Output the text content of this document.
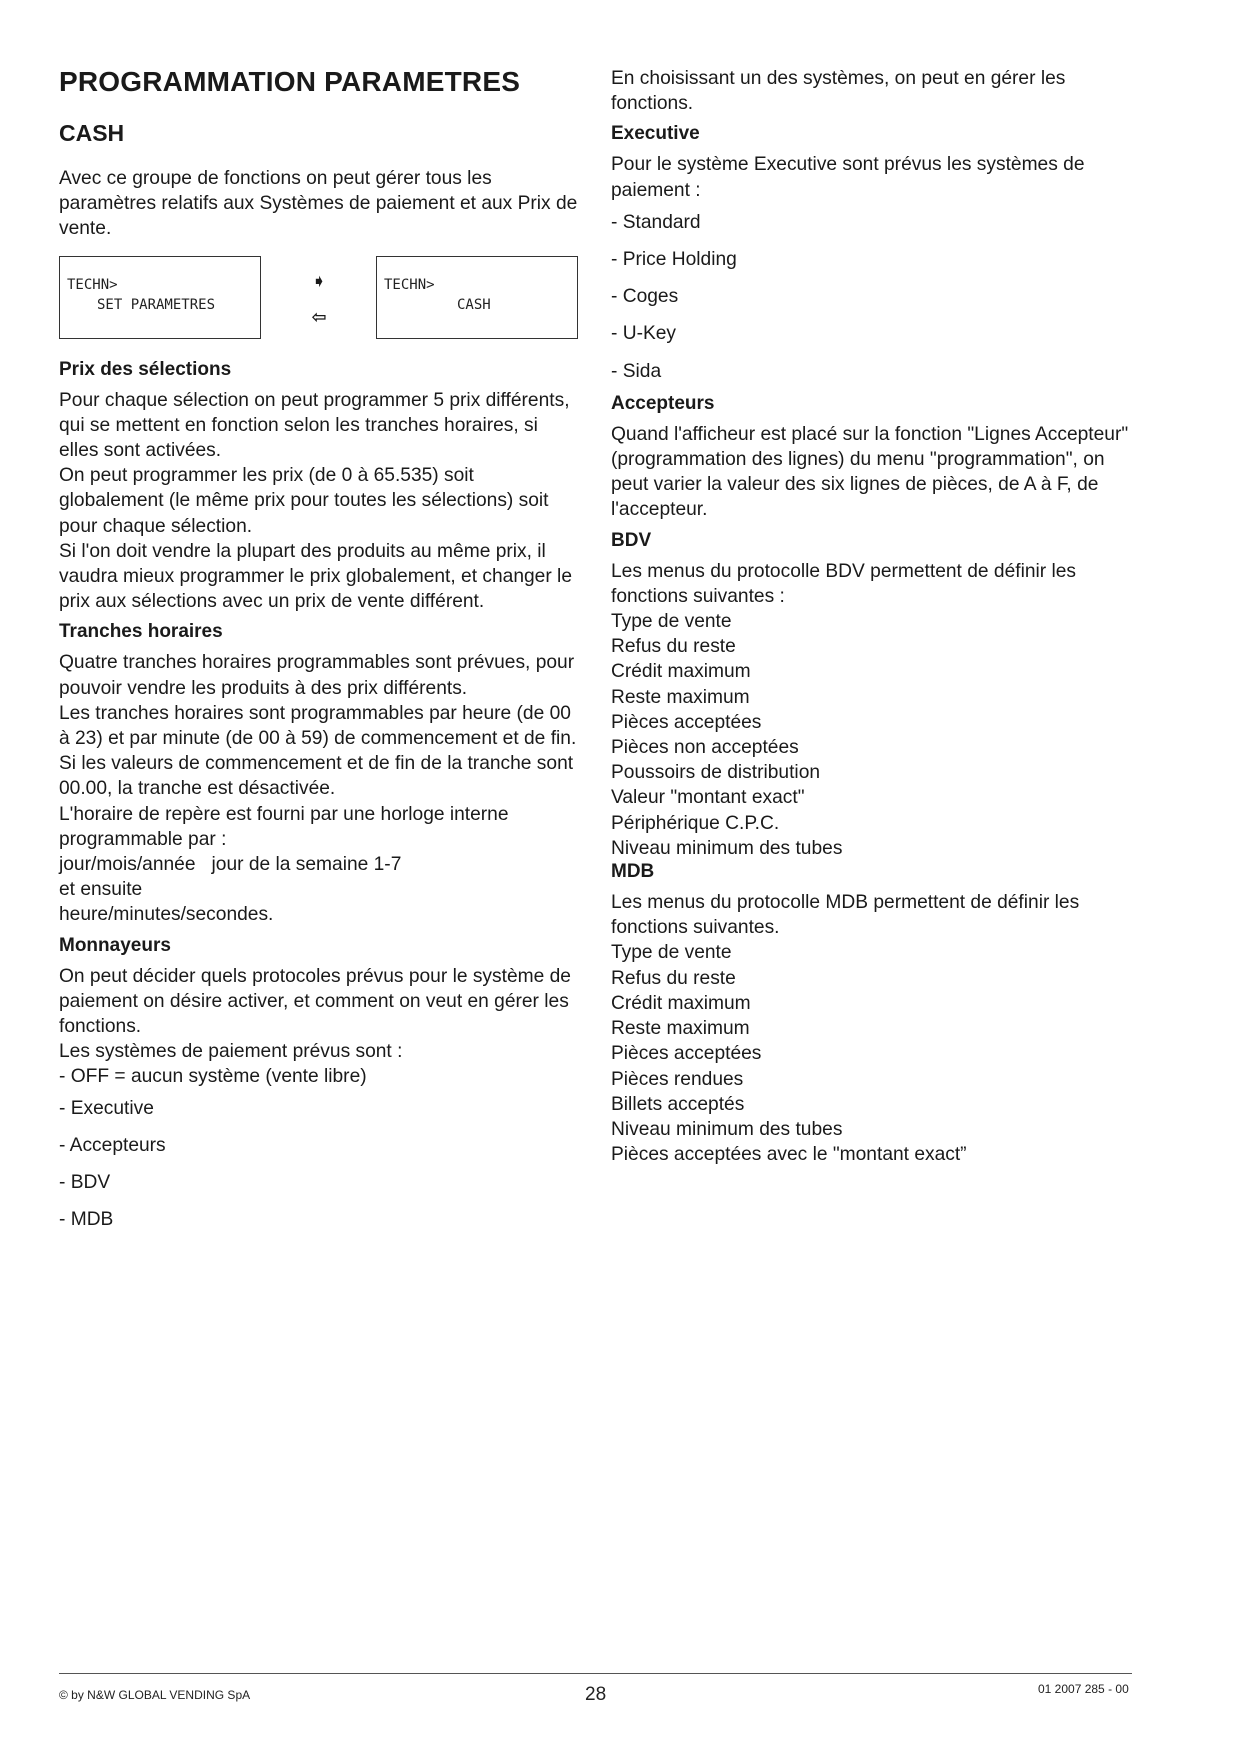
PROGRAMMATION PARAMETRES
CASH

Avec ce groupe de fonctions on peut gérer tous les paramètres relatifs aux Systèmes de paiement et aux Prix de vente.

TECHN>
SET PARAMETRES
➧
⇦
TECHN>
CASH
Prix des sélections

Pour chaque sélection on peut programmer 5 prix différents, qui se mettent en fonction selon les tranches horaires, si elles sont activées.

On peut programmer les prix (de 0 à 65.535) soit globalement (le même prix pour toutes les sélections) soit pour chaque sélection.

Si l'on doit vendre la plupart des produits au même prix, il vaudra mieux programmer le prix globalement, et changer le prix aux sélections avec un prix de vente différent.

Tranches horaires

Quatre tranches horaires programmables sont prévues, pour pouvoir vendre les produits à des prix différents.

Les tranches horaires sont programmables par heure (de 00 à 23) et par minute (de 00 à 59) de commencement et de fin.

Si les valeurs de commencement et de fin de la tranche sont 00.00, la tranche est désactivée.

L'horaire de repère est fourni par une horloge interne programmable par :

jour/mois/année   jour de la semaine 1-7

et ensuite

heure/minutes/secondes.

Monnayeurs

On peut décider quels protocoles prévus pour le système de paiement on désire activer, et comment on veut en gérer les fonctions.

Les systèmes de paiement prévus sont :

- OFF = aucun système (vente libre)
- Executive
- Accepteurs
- BDV
- MDB

En choisissant un des systèmes, on peut en gérer les fonctions.

Executive

Pour le système Executive sont prévus les systèmes de paiement :

- Standard
- Price Holding
- Coges
- U-Key
- Sida
Accepteurs

Quand l'afficheur est placé sur la fonction "Lignes Accepteur" (programmation des lignes) du menu "programmation", on peut varier la valeur des six lignes de pièces, de A à F, de l'accepteur.

BDV

Les menus du protocolle BDV permettent de définir les fonctions suivantes :

Type de vente
Refus du reste
Crédit maximum
Reste maximum
Pièces acceptées
Pièces non acceptées
Poussoirs de distribution
Valeur "montant exact"
Périphérique C.P.C.
Niveau minimum des tubes
MDB

Les menus du protocolle MDB permettent de définir les fonctions suivantes.

Type de vente
Refus du reste
Crédit maximum
Reste maximum
Pièces acceptées
Pièces rendues
Billets acceptés
Niveau minimum des tubes
Pièces acceptées avec le "montant exact”
© by N&W GLOBAL VENDING SpA	28	01 2007 285 - 00
